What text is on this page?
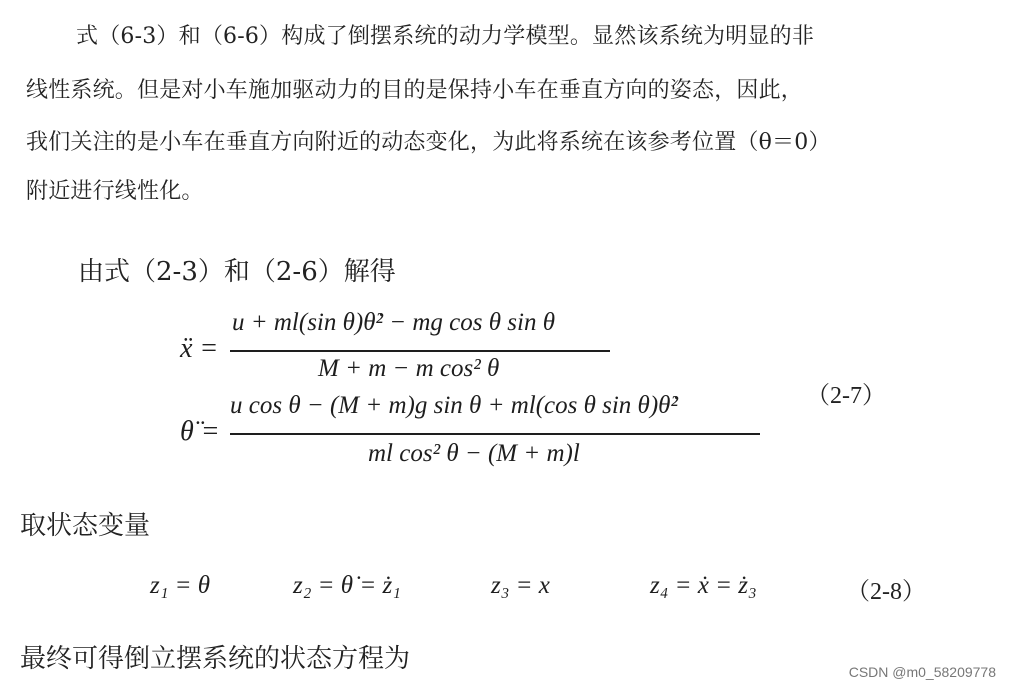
式（6-3）和（6-6）构成了倒摆系统的动力学模型。显然该系统为明显的非
线性系统。但是对小车施加驱动力的目的是保持小车在垂直方向的姿态，因此，
我们关注的是小车在垂直方向附近的动态变化，为此将系统在该参考位置（θ＝0）
附近进行线性化。
由式（2-3）和（2-6）解得
ẍ =
u + ml(sin θ)θ̇² − mg cos θ sin θ
M + m − m cos² θ
θ̈ =
u cos θ − (M + m)g sin θ + ml(cos θ sin θ)θ̇²
ml cos² θ − (M + m)l
（2-7）
取状态变量
z₁ = θ	z₂ = θ̇ = ż₁	z₃ = x	z₄ = ẋ = ż₃	（2-8）
最终可得倒立摆系统的状态方程为	CSDN @m0_58209778
